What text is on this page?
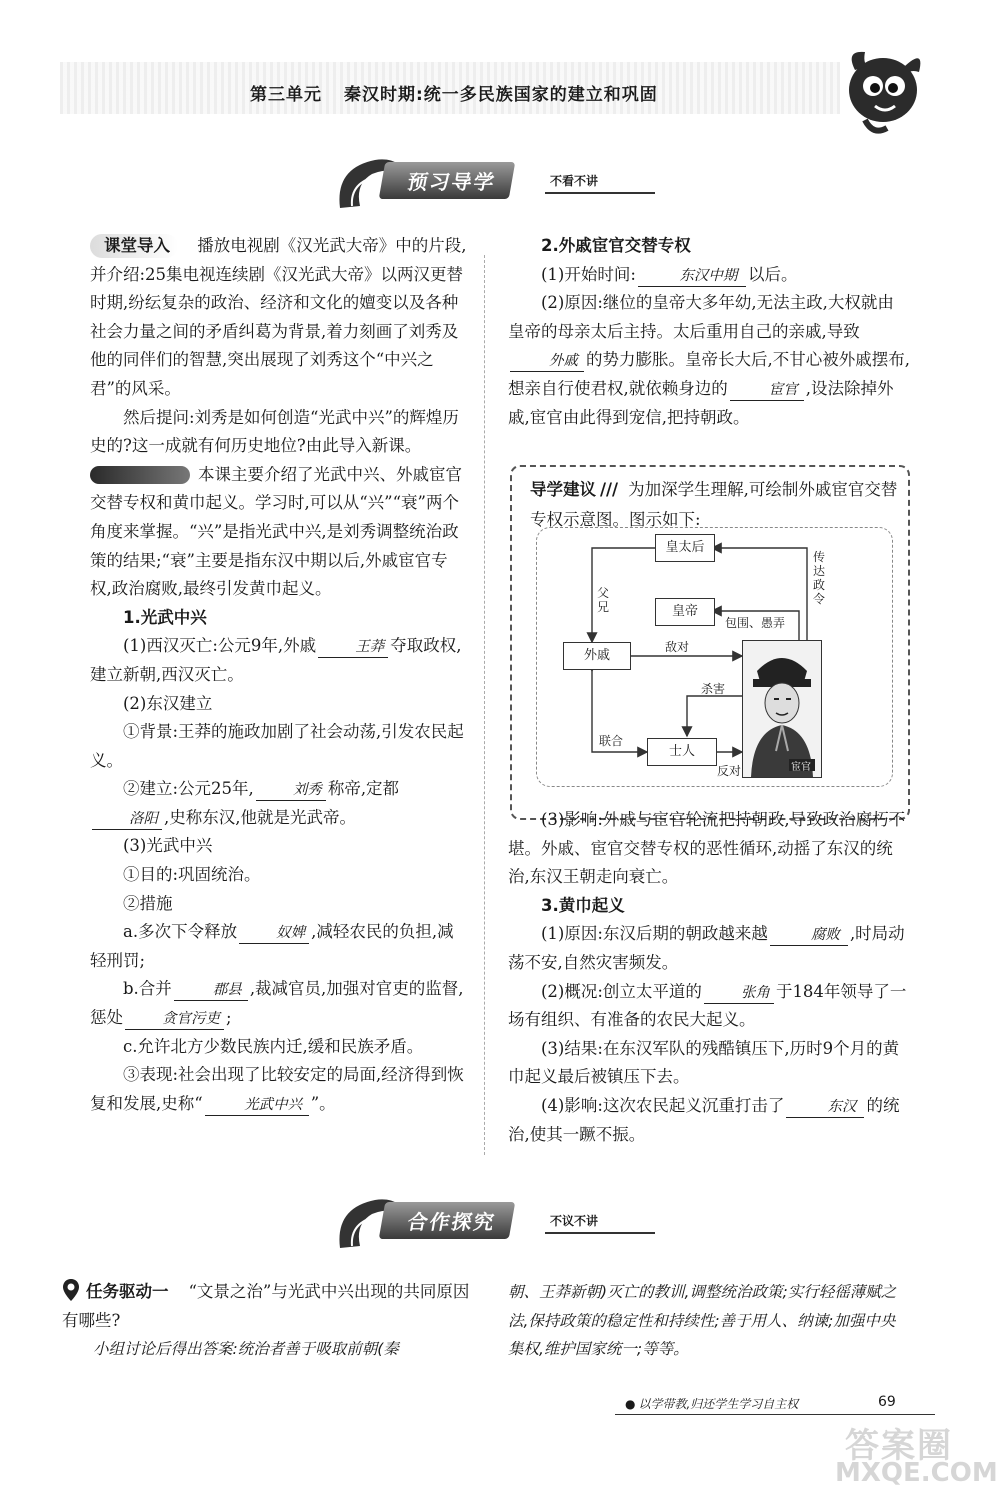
第三单元 秦汉时期:统一多民族国家的建立和巩固
预习导学	不看不讲

课堂导入 播放电视剧《汉光武大帝》中的片段,并介绍:25集电视连续剧《汉光武大帝》以两汉更替时期,纷纭复杂的政治、经济和文化的嬗变以及各种社会力量之间的矛盾纠葛为背景,着力刻画了刘秀及他的同伴们的智慧,突出展现了刘秀这个“中兴之君”的风采。

然后提问:刘秀是如何创造“光武中兴”的辉煌历史的?这一成就有何历史地位?由此导入新课。

本课主要介绍了光武中兴、外戚宦官交替专权和黄巾起义。学习时,可以从“兴”“衰”两个角度来掌握。“兴”是指光武中兴,是刘秀调整统治政策的结果;“衰”主要是指东汉中期以后,外戚宦官专权,政治腐败,最终引发黄巾起义。

1.光武中兴

(1)西汉灭亡:公元9年,外戚	王莽 夺取政权,建立新朝,西汉灭亡。

(2)东汉建立

①背景:王莽的施政加剧了社会动荡,引发农民起义。

②建立:公元25年,	刘秀 称帝,定都洛阳 ,史称东汉,他就是光武帝。

(3)光武中兴

①目的:巩固统治。

②措施

a.多次下令释放	奴婢 ,减轻农民的负担,减轻刑罚;

b.合并	郡县 ,裁减官员,加强对官吏的监督,惩处	贪官污吏 ;

c.允许北方少数民族内迁,缓和民族矛盾。

③表现:社会出现了比较安定的局面,经济得到恢复和发展,史称“	光武中兴 ”。

2.外戚宦官交替专权

(1)开始时间:	东汉中期 以后。

(2)原因:继位的皇帝大多年幼,无法主政,大权就由皇帝的母亲太后主持。太后重用自己的亲戚,导致外戚 的势力膨胀。皇帝长大后,不甘心被外戚摆布,想亲自行使君权,就依赖身边的	宦官 ,设法除掉外戚,宦官由此得到宠信,把持朝政。

导学建议 /// 为加深学生理解,可绘制外戚宦官交替专权示意图。图示如下:
皇太后
皇帝
外戚
士人
宦官
传达政令
父兄
包围、愚弄
敌对
杀害
联合
反对

(3)影响:外戚与宦官轮流把持朝政,导致政治腐朽不堪。外戚、宦官交替专权的恶性循环,动摇了东汉的统治,东汉王朝走向衰亡。

3.黄巾起义

(1)原因:东汉后期的朝政越来越	腐败 ,时局动荡不安,自然灾害频发。

(2)概况:创立太平道的	张角 于184年领导了一场有组织、有准备的农民大起义。

(3)结果:在东汉军队的残酷镇压下,历时9个月的黄巾起义最后被镇压下去。

(4)影响:这次农民起义沉重打击了	东汉 的统治,使其一蹶不振。

合作探究	不议不讲

任务驱动一 “文景之治”与光武中兴出现的共同原因有哪些?

小组讨论后得出答案:统治者善于吸取前朝(秦

朝、王莽新朝)灭亡的教训,调整统治政策;实行轻徭薄赋之法,保持政策的稳定性和持续性;善于用人、纳谏;加强中央集权,维护国家统一;等等。
● 以学带教,归还学生学习自主权	69
答案圈
MXQE.COM
